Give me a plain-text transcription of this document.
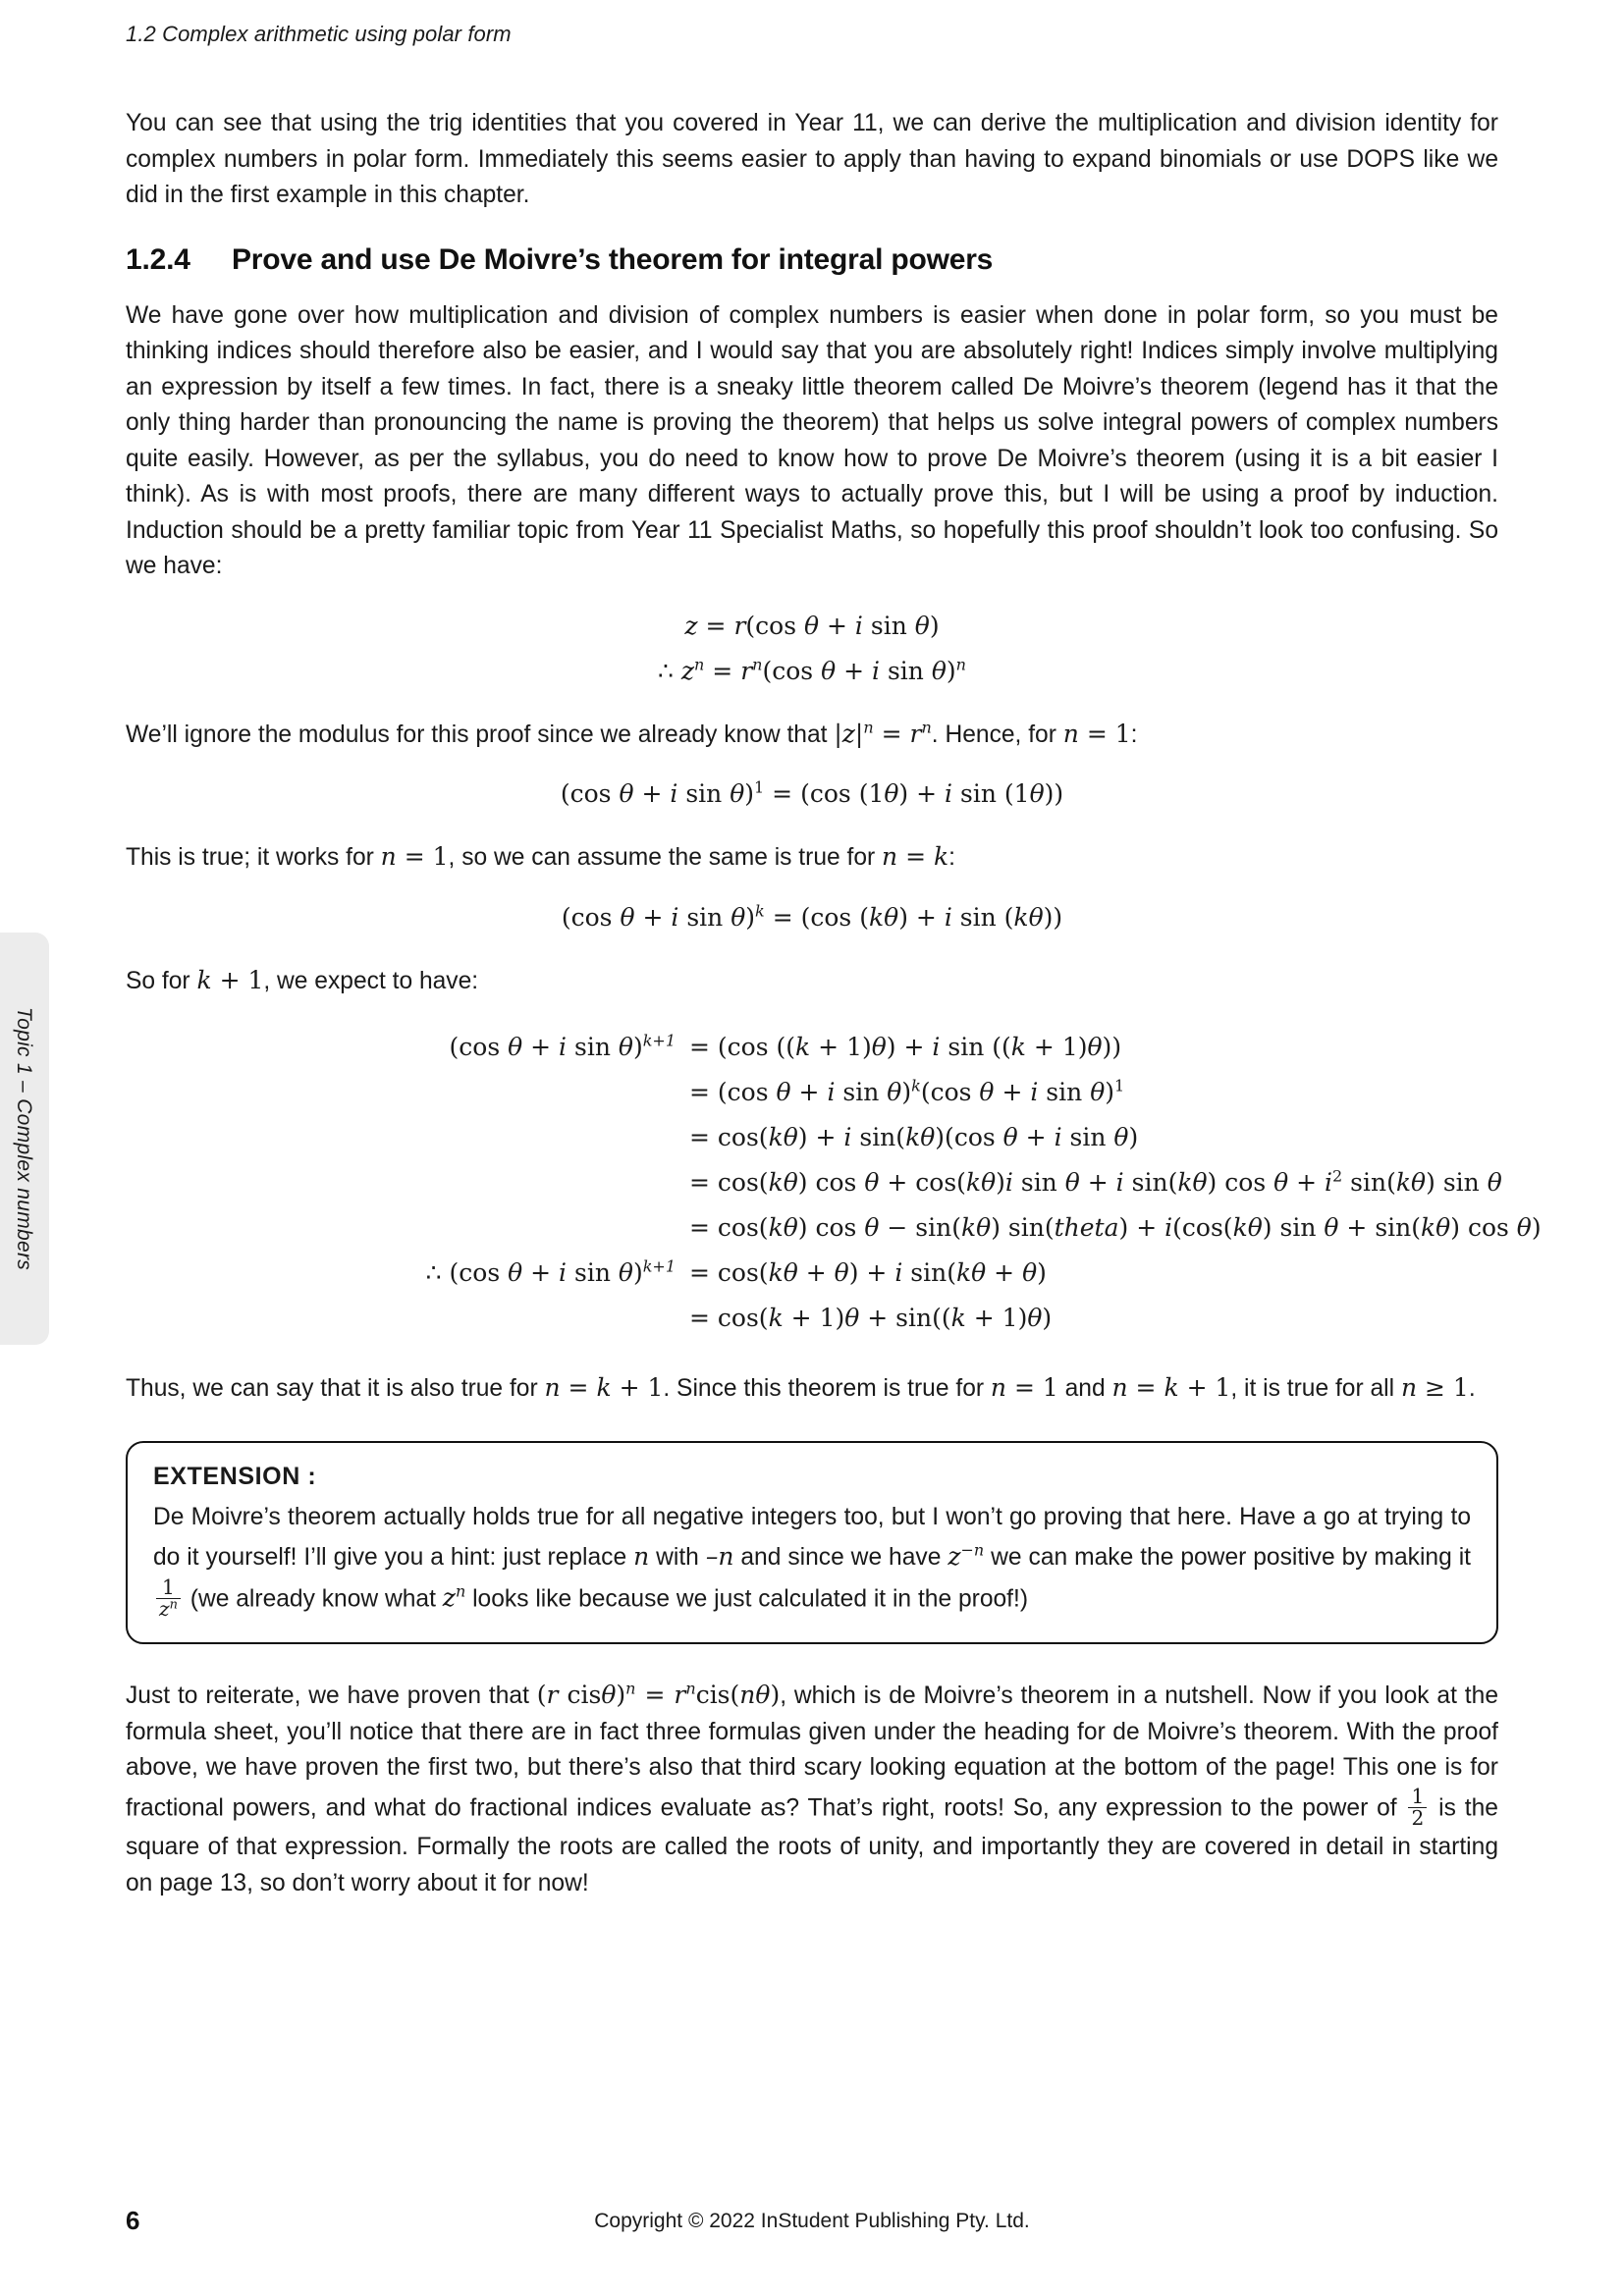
1.2 Complex arithmetic using polar form
Topic 1 – Complex numbers

You can see that using the trig identities that you covered in Year 11, we can derive the multiplication and division identity for complex numbers in polar form. Immediately this seems easier to apply than having to expand binomials or use DOPS like we did in the first example in this chapter.

1.2.4	Prove and use De Moivre’s theorem for integral powers

We have gone over how multiplication and division of complex numbers is easier when done in polar form, so you must be thinking indices should therefore also be easier, and I would say that you are absolutely right! Indices simply involve multiplying an expression by itself a few times. In fact, there is a sneaky little theorem called De Moivre’s theorem (legend has it that the only thing harder than pronouncing the name is proving the theorem) that helps us solve integral powers of complex numbers quite easily. However, as per the syllabus, you do need to know how to prove De Moivre’s theorem (using it is a bit easier I think). As is with most proofs, there are many different ways to actually prove this, but I will be using a proof by induction. Induction should be a pretty familiar topic from Year 11 Specialist Maths, so hopefully this proof shouldn’t look too confusing. So we have:

z = r(cos θ + i sin θ)
∴ $z^n = r^n(\cos$ θ + i sin θ)$^n$

We’ll ignore the modulus for this proof since we already know that $|z|^n = r^n$. Hence, for n = 1:

(cos θ + i sin θ)$^1$ = (cos (1θ) + i sin (1θ))

This is true; it works for n = 1, so we can assume the same is true for n = k:

(cos θ + i sin θ)$^k$ = (cos (kθ) + i sin (kθ))

So for k + 1, we expect to have:

(cos θ + i sin θ)$^{k+1}$ = (cos ((k + 1)θ) + i sin ((k + 1)θ))
= (cos θ + i sin θ)$^k$(cos θ + i sin θ)$^1$
= cos(kθ) + i sin(kθ)(cos θ + i sin θ)
= cos(kθ) cos θ + cos(kθ)i sin θ + i sin(kθ) $\cos \theta + i^2$ sin(kθ) sin θ
= cos(kθ) cos θ − sin(kθ) sin(theta) + i(cos(kθ) sin θ + sin(kθ) cos θ)
∴ (cos θ + i sin θ)$^{k+1}$ = cos(kθ + θ) + i sin(kθ + θ)
= cos(k + 1)θ + sin((k + 1)θ)

Thus, we can say that it is also true for n = k + 1. Since this theorem is true for n = 1 and n = k + 1, it is true for all n ≥ 1.

EXTENSION :
De Moivre’s theorem actually holds true for all negative integers too, but I won’t go proving that here. Have a go at trying to do it yourself! I’ll give you a hint: just replace n with –n and since we have $z^{-n}$ we can make the power positive by making it
$\frac{1}{z^n} (we$ already know what $z^n$ looks like because we just calculated it in the proof!)

Just to reiterate, we have proven that (r $cis\theta)^n = r^ncis(n\theta)$, which is de Moivre’s theorem in a nutshell. Now if you look at the formula sheet, you’ll notice that there are in fact three formulas given under the heading for de Moivre’s theorem. With the proof above, we have proven the first two, but there’s also that third scary looking equation at the bottom of the page! This one is for fractional powers, and what do fractional indices evaluate as? That’s right, roots! So, any expression to the power of $\frac{1}{2}$ is the square of that expression. Formally the roots are called the roots of unity, and importantly they are covered in detail in starting on page 13, so don’t worry about it for now!

6	Copyright © 2022 InStudent Publishing Pty. Ltd.
